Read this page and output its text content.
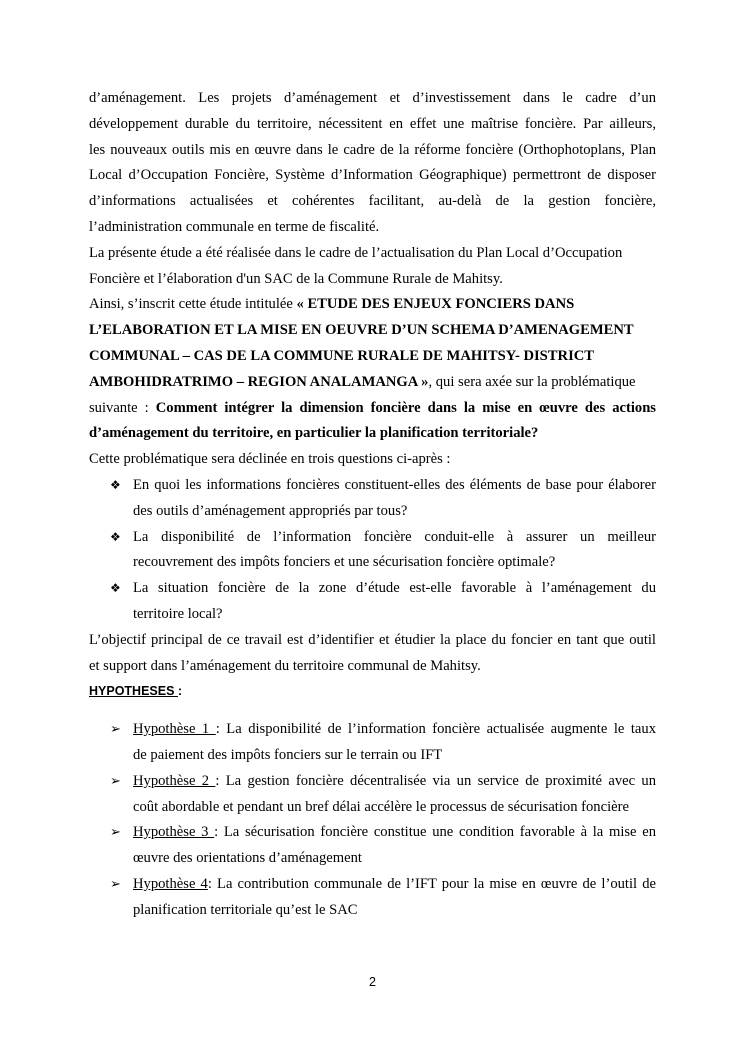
d’aménagement. Les projets d’aménagement et d’investissement dans le cadre d’un
développement durable du territoire, nécessitent en effet une maîtrise foncière. Par ailleurs,
les nouveaux outils mis en œuvre dans le cadre de la réforme foncière (Orthophotoplans, Plan
Local d’Occupation Foncière, Système d’Information Géographique) permettront de disposer
d’informations actualisées et cohérentes facilitant, au-delà de la gestion foncière,
l’administration communale en terme de fiscalité.
La présente étude a été réalisée dans le cadre de l’actualisation du Plan Local d’Occupation
Foncière et l’élaboration d'un SAC de la Commune Rurale de Mahitsy.
Ainsi, s’inscrit cette étude intitulée « ETUDE DES ENJEUX FONCIERS DANS
L’ELABORATION ET LA MISE EN OEUVRE D’UN SCHEMA D’AMENAGEMENT
COMMUNAL – CAS DE LA COMMUNE RURALE DE MAHITSY- DISTRICT
AMBOHIDRATRIMO – REGION ANALAMANGA », qui sera axée sur la problématique
suivante : Comment intégrer la dimension foncière dans la mise en œuvre des actions
d’aménagement du territoire, en particulier la planification territoriale?
Cette problématique sera déclinée en trois questions ci-après :
❖ En quoi les informations foncières constituent-elles des éléments de base pour élaborer
des outils d’aménagement appropriés par tous?
❖ La disponibilité de l’information foncière conduit-elle à assurer un meilleur
recouvrement des impôts fonciers et une sécurisation foncière optimale?
❖ La situation foncière de la zone d’étude est-elle favorable à l’aménagement du
territoire local?
L’objectif principal de ce travail est d’identifier et étudier la place du foncier en tant que outil
et support dans l’aménagement du territoire communal de Mahitsy.
HYPOTHESES :
➢ Hypothèse 1 : La disponibilité de l’information foncière actualisée augmente le taux
de paiement des impôts fonciers sur le terrain ou IFT
➢ Hypothèse 2 : La gestion foncière décentralisée via un service de proximité avec un
coût abordable et pendant un bref délai accélère le processus de sécurisation foncière
➢ Hypothèse 3 : La sécurisation foncière constitue une condition favorable à la mise en
œuvre des orientations d’aménagement
➢ Hypothèse 4: La contribution communale de l’IFT pour la mise en œuvre de l’outil de
planification territoriale qu’est le SAC
2
